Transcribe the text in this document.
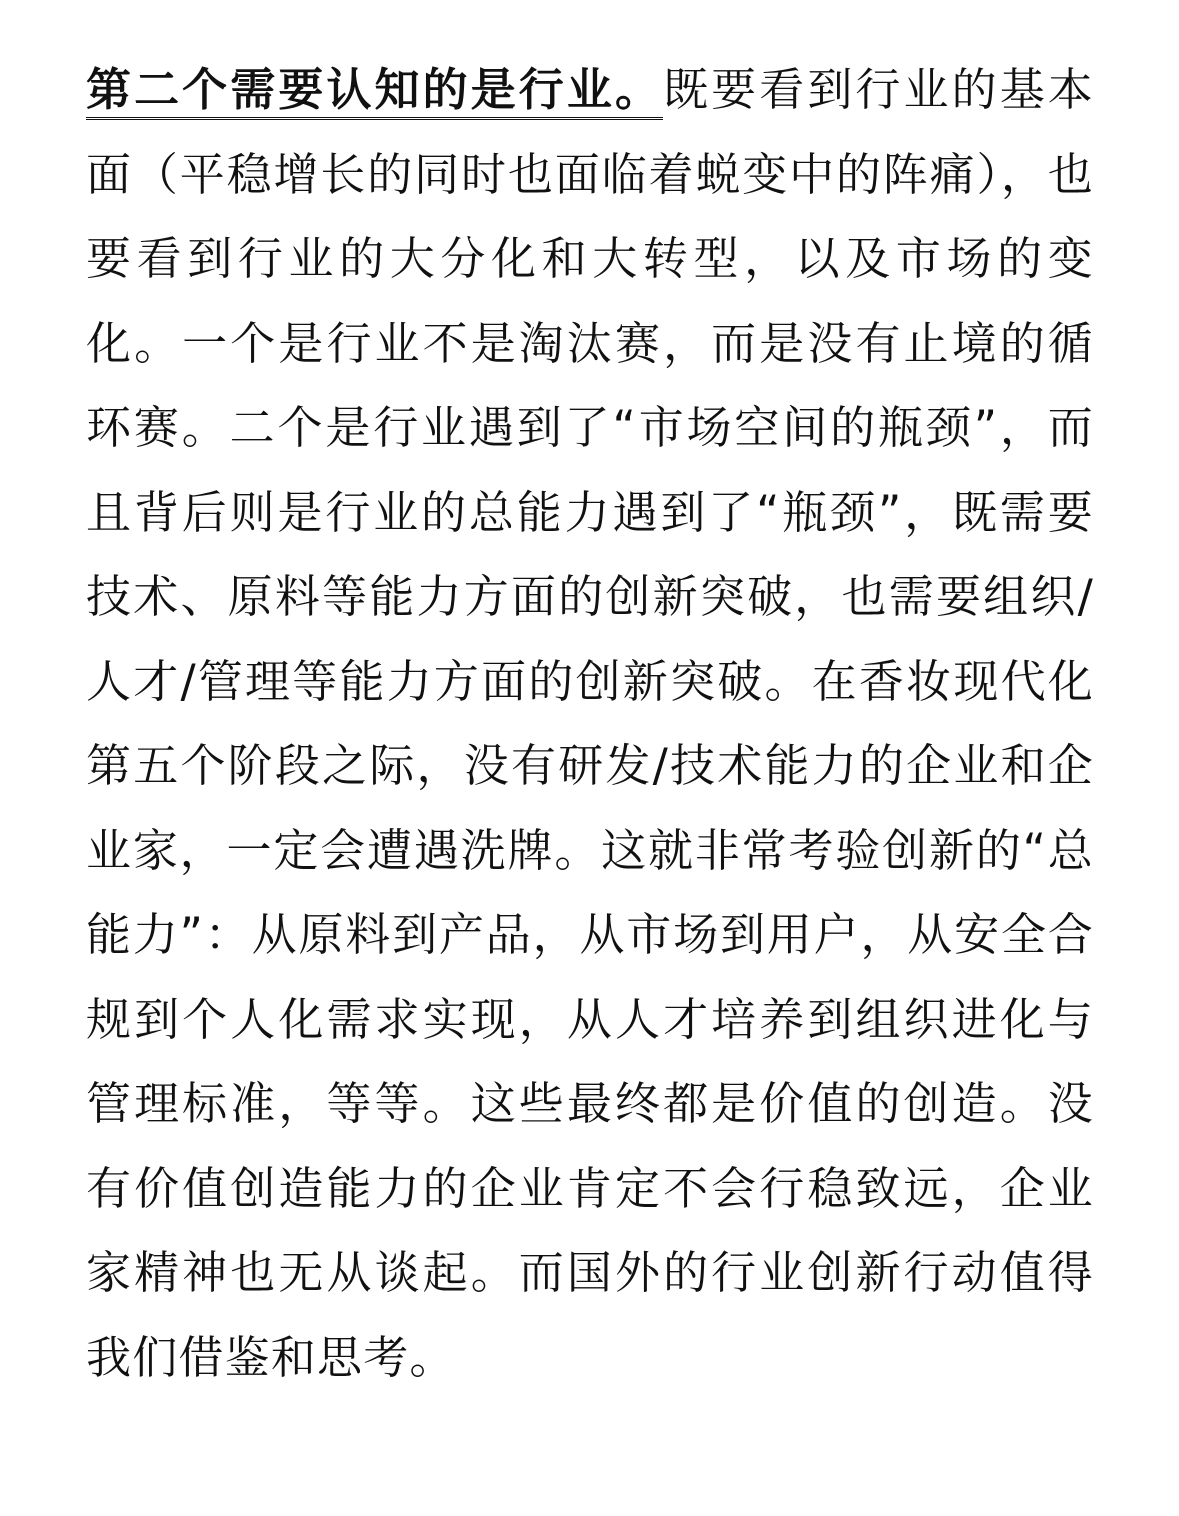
第二个需要认知的是行业。既要看到行业的基本面（平稳增长的同时也面临着蜕变中的阵痛），也要看到行业的大分化和大转型，以及市场的变化。一个是行业不是淘汰赛，而是没有止境的循环赛。二个是行业遇到了“市场空间的瓶颈”，而且背后则是行业的总能力遇到了“瓶颈”，既需要技术、原料等能力方面的创新突破，也需要组织/人才/管理等能力方面的创新突破。在香妆现代化第五个阶段之际，没有研发/技术能力的企业和企业家，一定会遭遇洗牌。这就非常考验创新的“总能力”：从原料到产品，从市场到用户，从安全合规到个人化需求实现，从人才培养到组织进化与管理标准，等等。这些最终都是价值的创造。没有价值创造能力的企业肯定不会行稳致远，企业家精神也无从谈起。而国外的行业创新行动值得我们借鉴和思考。
